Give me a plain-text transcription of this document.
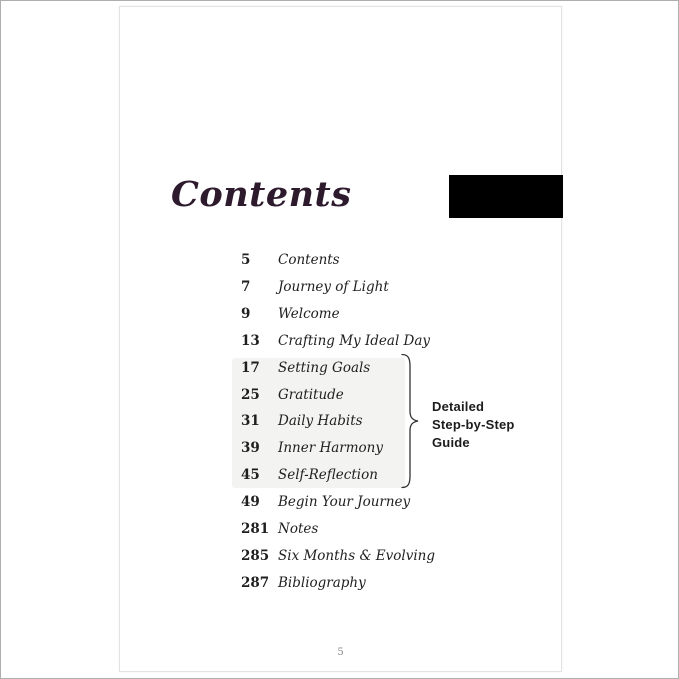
Contents
5	Contents
7	Journey of Light
9	Welcome
13	Crafting My Ideal Day
17	Setting Goals
25	Gratitude
31	Daily Habits
39	Inner Harmony
45	Self-Reflection
49	Begin Your Journey
281 Notes
285 Six Months & Evolving
287 Bibliography
Detailed
Step-by-Step
Guide
5
